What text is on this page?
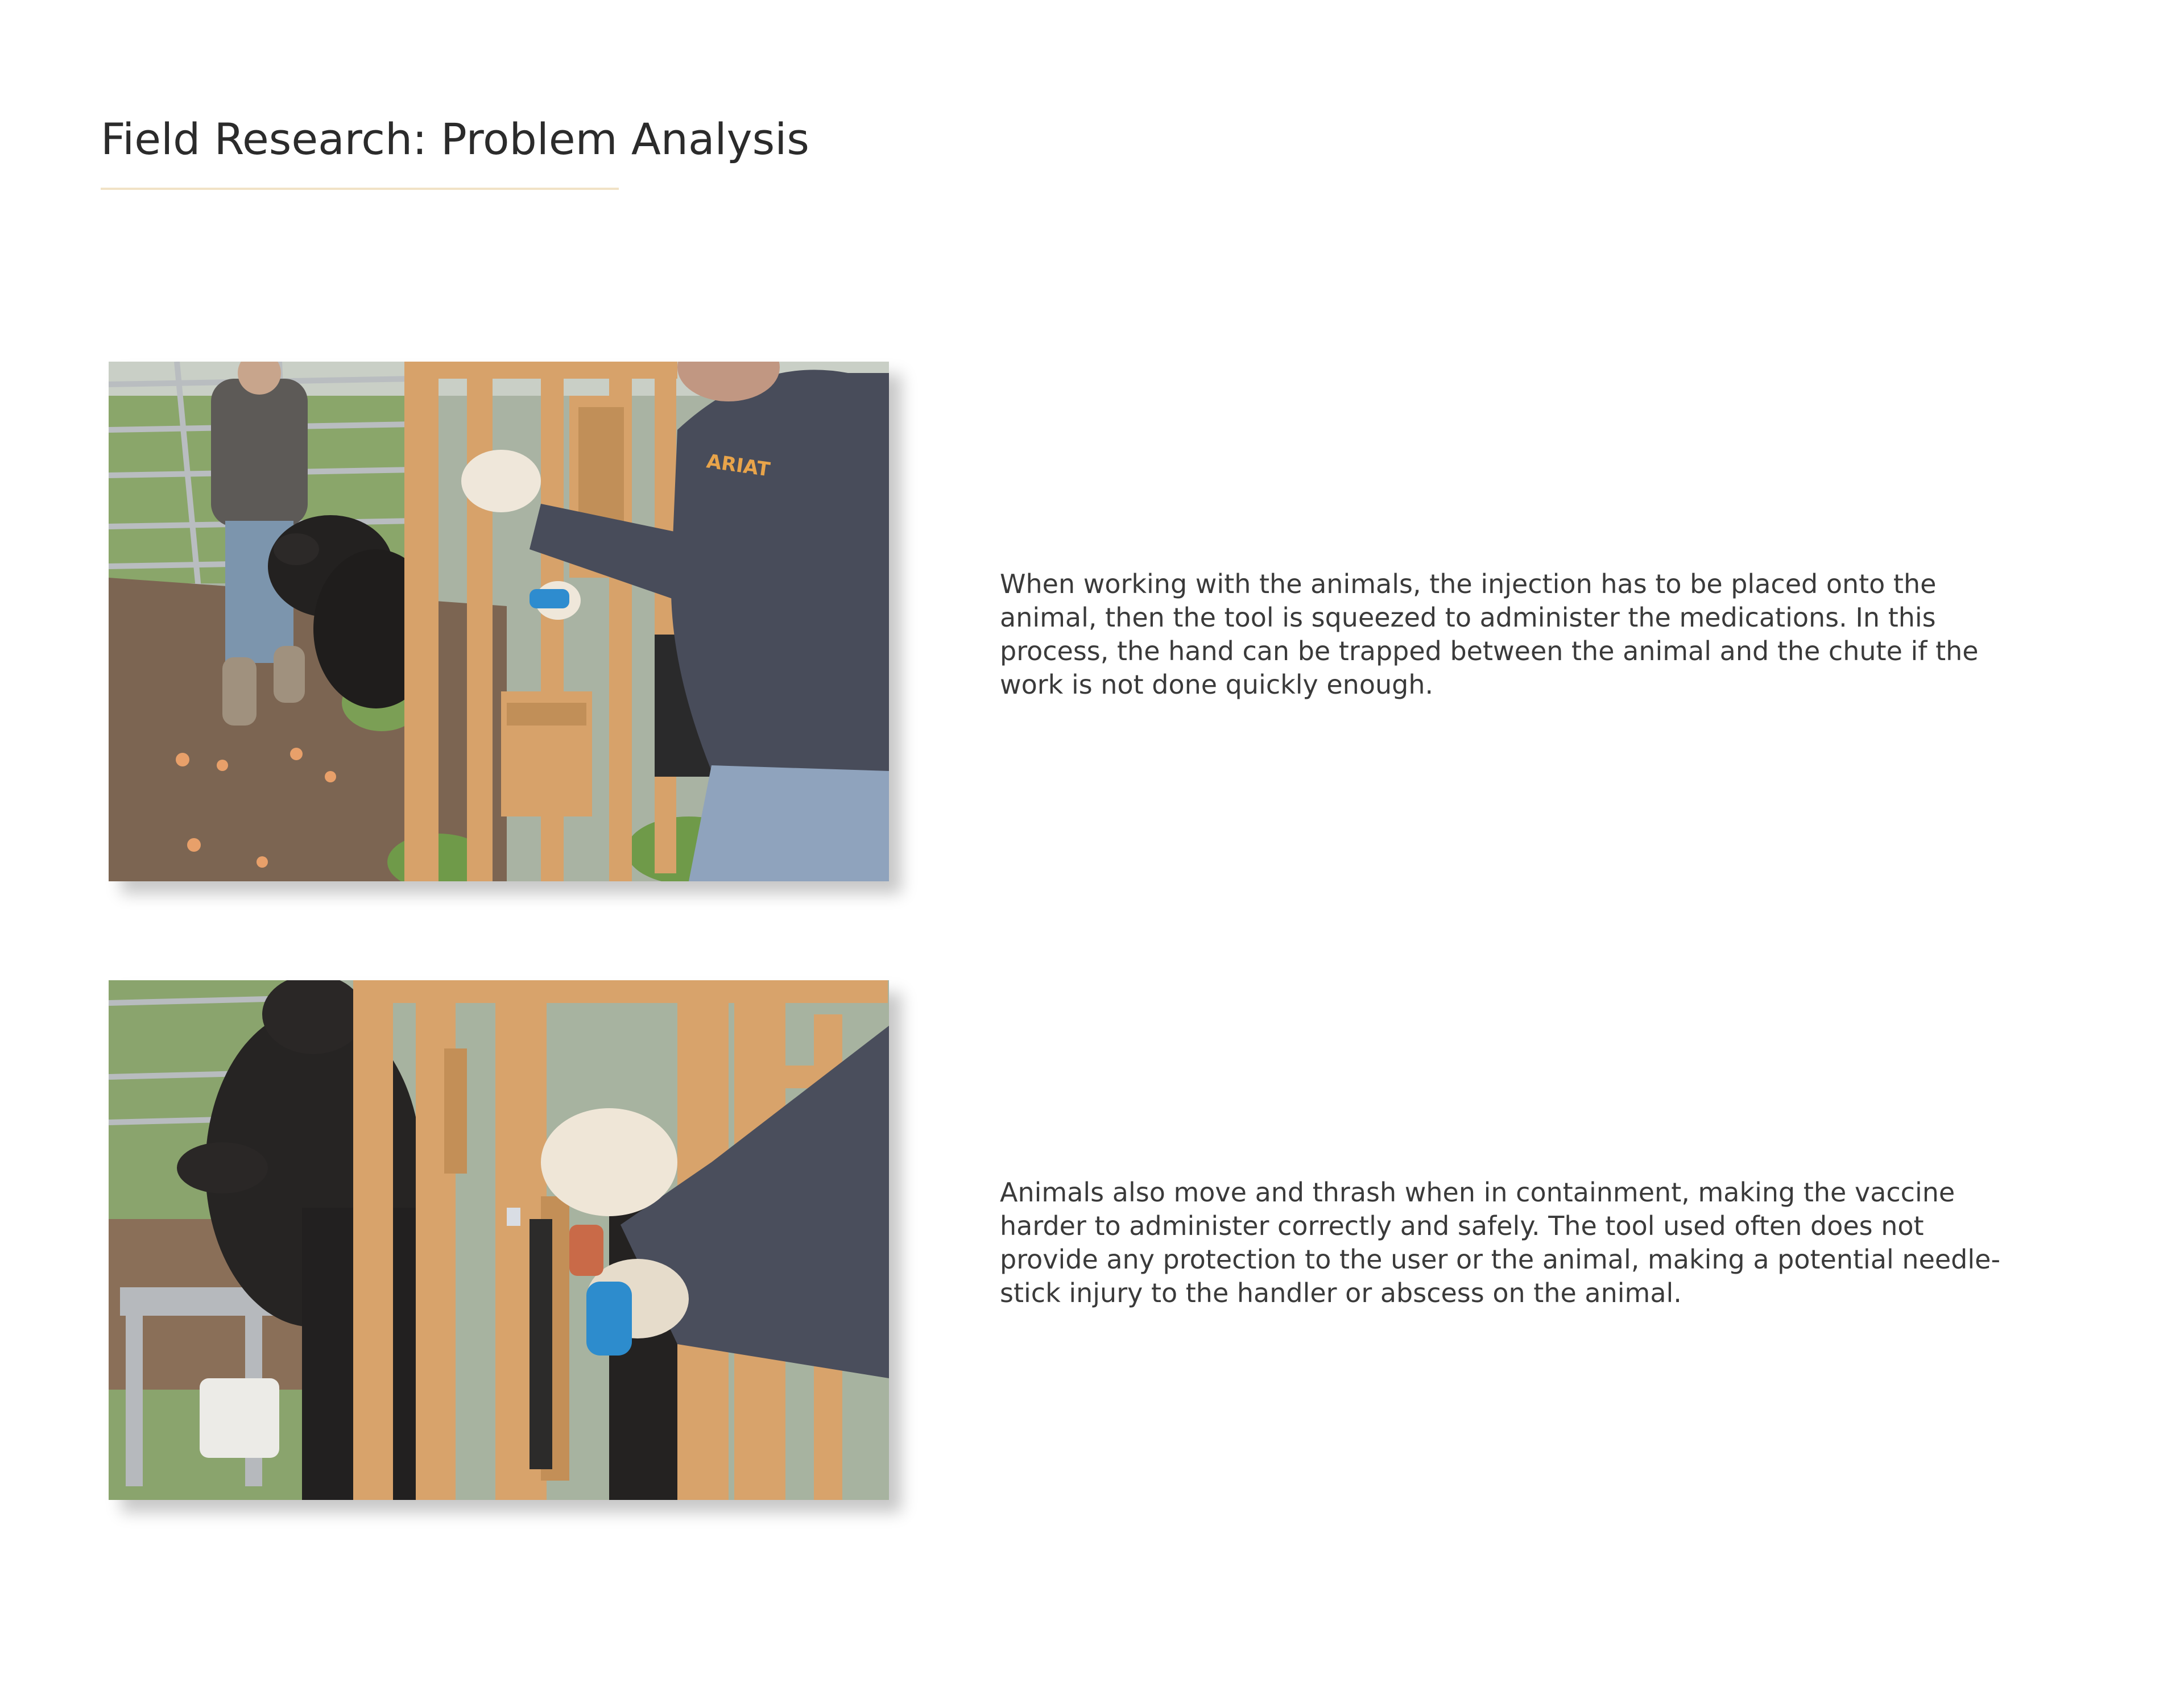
Field Research: Problem Analysis
ARIAT

When working with the animals, the injection has to be placed onto the animal, then the tool is squeezed to administer the medications. In this process, the hand can be trapped between the animal and the chute if the work is not done quickly enough.

Animals also move and thrash when in containment, making the vaccine harder to administer correctly and safely. The tool used often does not provide any protection to the user or the animal, making a potential needle-stick injury to the handler or abscess on the animal.
